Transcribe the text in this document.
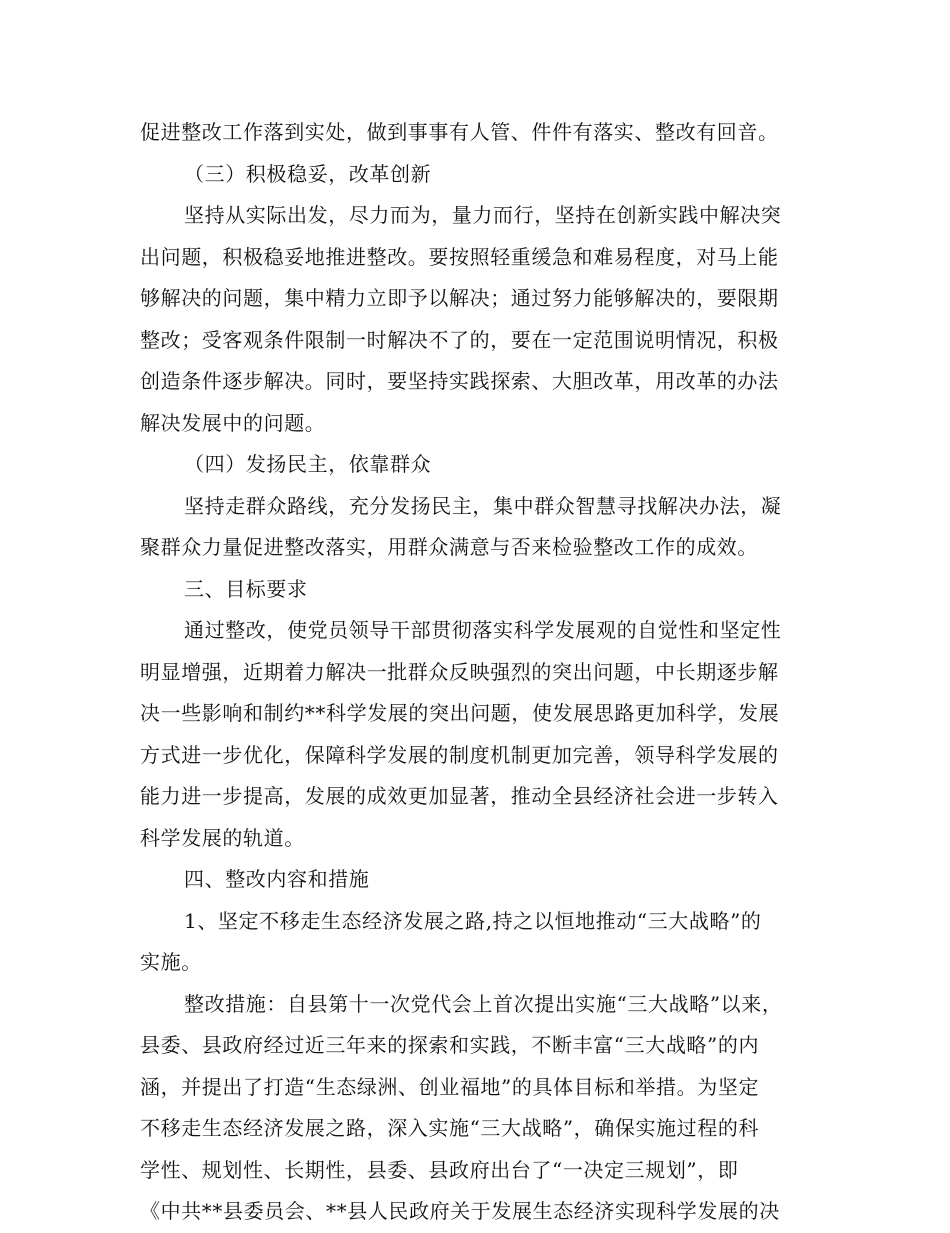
促进整改工作落到实处，做到事事有人管、件件有落实、整改有回音。
（三）积极稳妥，改革创新
坚持从实际出发，尽力而为，量力而行，坚持在创新实践中解决突
出问题，积极稳妥地推进整改。要按照轻重缓急和难易程度，对马上能
够解决的问题，集中精力立即予以解决；通过努力能够解决的，要限期
整改；受客观条件限制一时解决不了的，要在一定范围说明情况，积极
创造条件逐步解决。同时，要坚持实践探索、大胆改革，用改革的办法
解决发展中的问题。
（四）发扬民主，依靠群众
坚持走群众路线，充分发扬民主，集中群众智慧寻找解决办法，凝
聚群众力量促进整改落实，用群众满意与否来检验整改工作的成效。
三、目标要求
通过整改，使党员领导干部贯彻落实科学发展观的自觉性和坚定性
明显增强，近期着力解决一批群众反映强烈的突出问题，中长期逐步解
决一些影响和制约**科学发展的突出问题，使发展思路更加科学，发展
方式进一步优化，保障科学发展的制度机制更加完善，领导科学发展的
能力进一步提高，发展的成效更加显著，推动全县经济社会进一步转入
科学发展的轨道。
四、整改内容和措施
1、坚定不移走生态经济发展之路,持之以恒地推动“三大战略”的
实施。
整改措施：自县第十一次党代会上首次提出实施“三大战略”以来，
县委、县政府经过近三年来的探索和实践，不断丰富“三大战略”的内
涵，并提出了打造“生态绿洲、创业福地”的具体目标和举措。为坚定
不移走生态经济发展之路，深入实施“三大战略”，确保实施过程的科
学性、规划性、长期性，县委、县政府出台了“一决定三规划”，即
《中共**县委员会、**县人民政府关于发展生态经济实现科学发展的决
